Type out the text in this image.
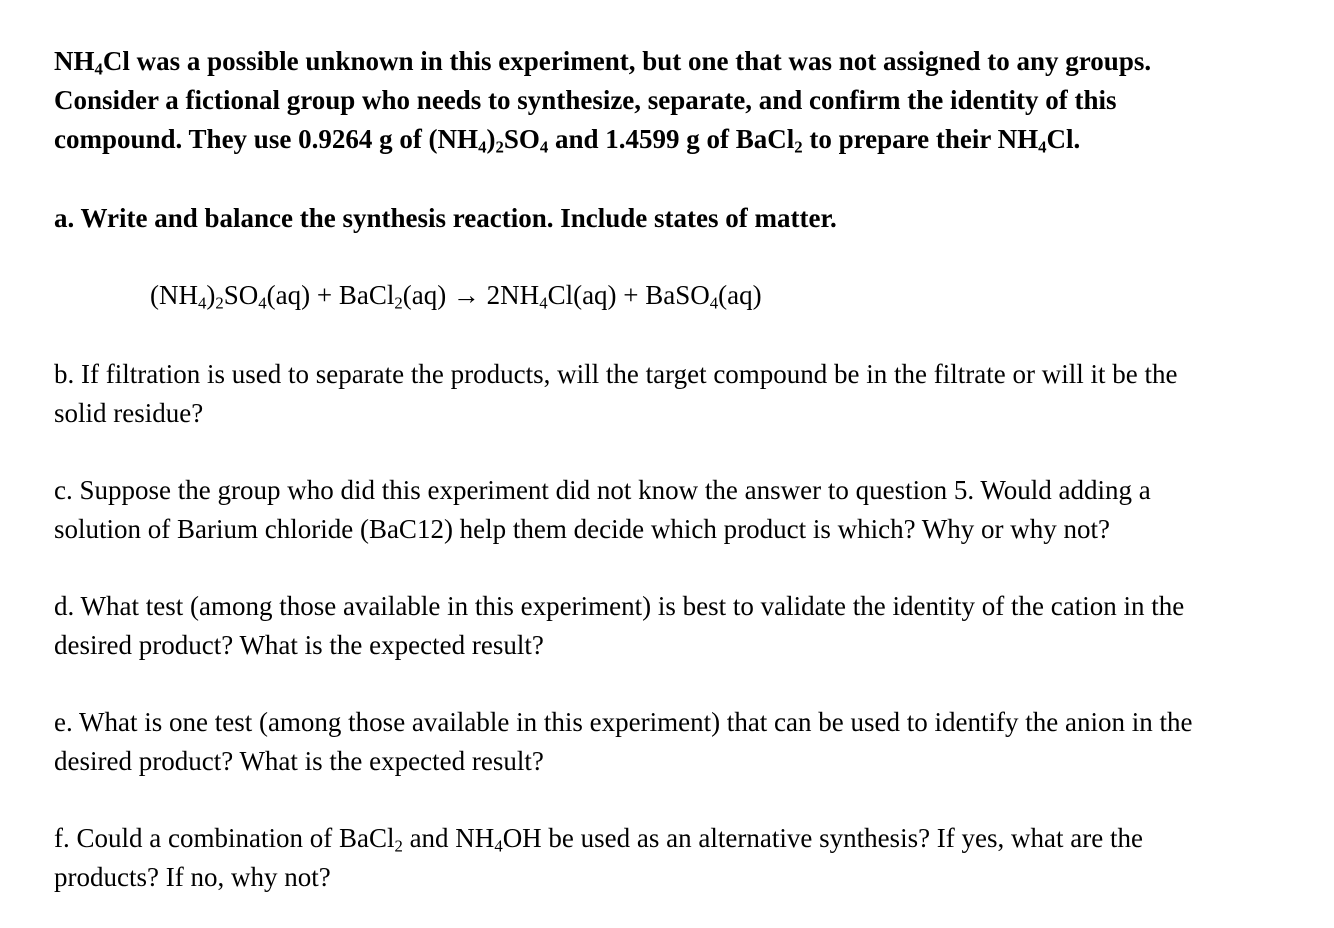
$NH_4Cl$ was a possible unknown in this experiment, but one that was not assigned to any groups.

Consider a fictional group who needs to synthesize, separate, and confirm the identity of this

compound. They use 0.9264 g of $(NH_4)_2SO_4$ and 1.4599 g of BaCl$_2$ to prepare their $NH_4Cl$.

a. Write and balance the synthesis reaction. Include states of matter.

$(NH_4)_2SO_4(aq)$ + BaCl$_2$(aq) → $2NH_4Cl(aq)$ + BaSO$_4$(aq)

b. If filtration is used to separate the products, will the target compound be in the filtrate or will it be the

solid residue?

c. Suppose the group who did this experiment did not know the answer to question 5. Would adding a

solution of Barium chloride (BaC12) help them decide which product is which? Why or why not?

d. What test (among those available in this experiment) is best to validate the identity of the cation in the

desired product? What is the expected result?

e. What is one test (among those available in this experiment) that can be used to identify the anion in the

desired product? What is the expected result?

f. Could a combination of BaCl$_2$ and $NH_4OH$ be used as an alternative synthesis? If yes, what are the

products? If no, why not?
